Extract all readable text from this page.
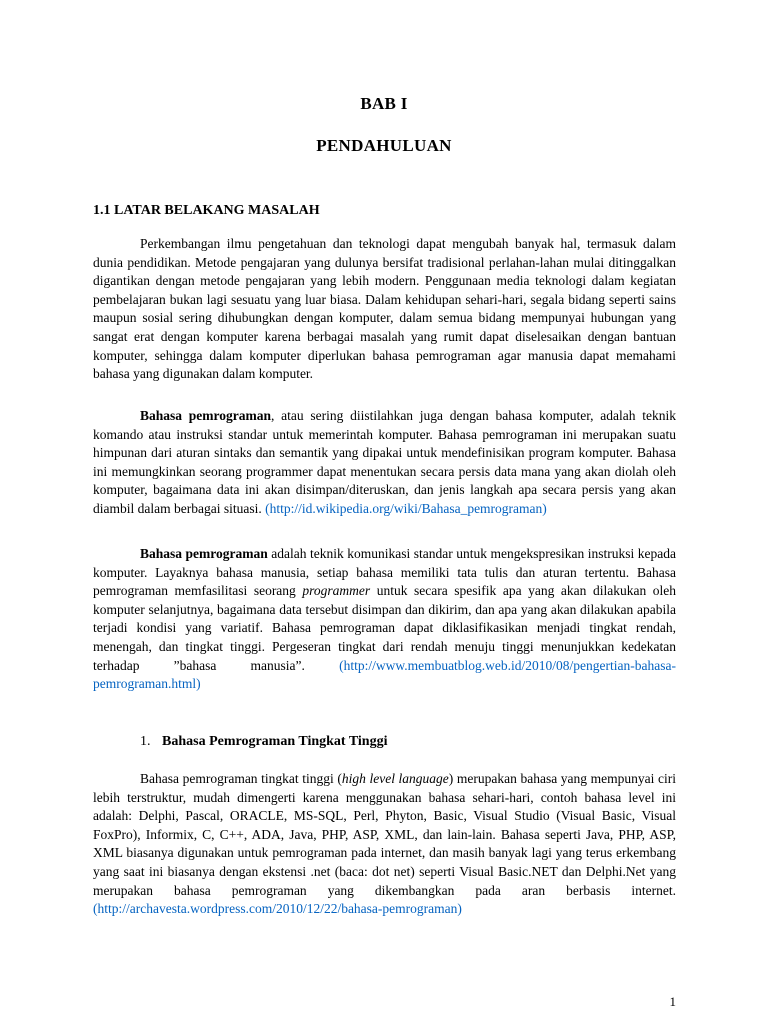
BAB I
PENDAHULUAN
1.1 LATAR BELAKANG MASALAH

Perkembangan ilmu pengetahuan dan teknologi dapat mengubah banyak hal, termasuk dalam dunia pendidikan. Metode pengajaran yang dulunya bersifat tradisional perlahan-lahan mulai ditinggalkan digantikan dengan metode pengajaran yang lebih modern. Penggunaan media teknologi dalam kegiatan pembelajaran bukan lagi sesuatu yang luar biasa. Dalam kehidupan sehari-hari, segala bidang seperti sains maupun sosial sering dihubungkan dengan komputer, dalam semua bidang mempunyai hubungan yang sangat erat dengan komputer karena berbagai masalah yang rumit dapat diselesaikan dengan bantuan komputer, sehingga dalam komputer diperlukan bahasa pemrograman agar manusia dapat memahami bahasa yang digunakan dalam komputer.

Bahasa pemrograman, atau sering diistilahkan juga dengan bahasa komputer, adalah teknik komando atau instruksi standar untuk memerintah komputer. Bahasa pemrograman ini merupakan suatu himpunan dari aturan sintaks dan semantik yang dipakai untuk mendefinisikan program komputer. Bahasa ini memungkinkan seorang programmer dapat menentukan secara persis data mana yang akan diolah oleh komputer, bagaimana data ini akan disimpan/diteruskan, dan jenis langkah apa secara persis yang akan diambil dalam berbagai situasi. (http://id.wikipedia.org/wiki/Bahasa_pemrograman)

Bahasa pemrograman adalah teknik komunikasi standar untuk mengekspresikan instruksi kepada komputer. Layaknya bahasa manusia, setiap bahasa memiliki tata tulis dan aturan tertentu. Bahasa pemrograman memfasilitasi seorang programmer untuk secara spesifik apa yang akan dilakukan oleh komputer selanjutnya, bagaimana data tersebut disimpan dan dikirim, dan apa yang akan dilakukan apabila terjadi kondisi yang variatif. Bahasa pemrograman dapat diklasifikasikan menjadi tingkat rendah, menengah, dan tingkat tinggi. Pergeseran tingkat dari rendah menuju tinggi menunjukkan kedekatan terhadap ”bahasa manusia”. (http://www.membuatblog.web.id/2010/08/pengertian-bahasa-pemrograman.html)

1. Bahasa Pemrograman Tingkat Tinggi

Bahasa pemrograman tingkat tinggi (high level language) merupakan bahasa yang mempunyai ciri lebih terstruktur, mudah dimengerti karena menggunakan bahasa sehari-hari, contoh bahasa level ini adalah: Delphi, Pascal, ORACLE, MS-SQL, Perl, Phyton, Basic, Visual Studio (Visual Basic, Visual FoxPro), Informix, C, C++, ADA, Java, PHP, ASP, XML, dan lain-lain. Bahasa seperti Java, PHP, ASP, XML biasanya digunakan untuk pemrograman pada internet, dan masih banyak lagi yang terus erkembang yang saat ini biasanya dengan ekstensi .net (baca: dot net) seperti Visual Basic.NET dan Delphi.Net yang merupakan bahasa pemrograman yang dikembangkan pada aran berbasis internet. (http://archavesta.wordpress.com/2010/12/22/bahasa-pemrograman)

1
